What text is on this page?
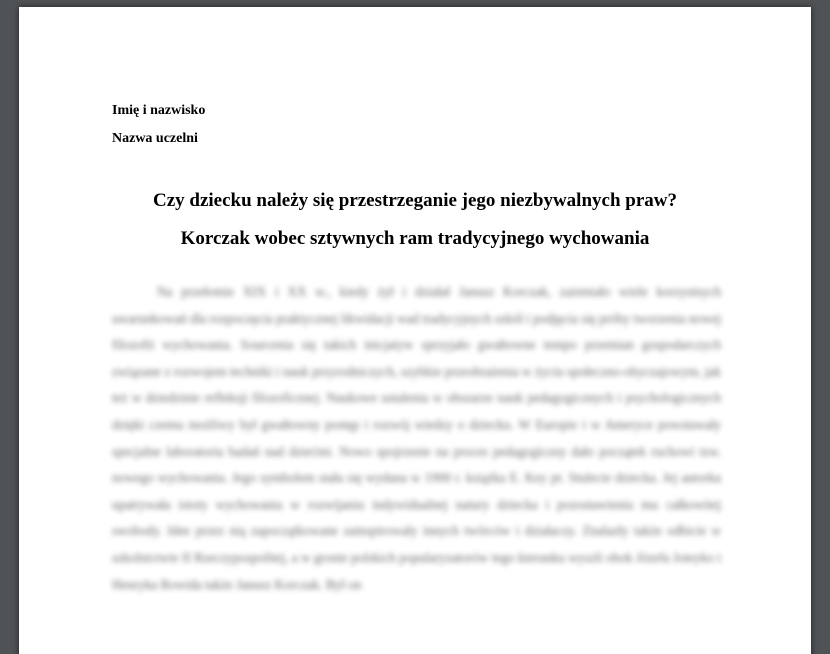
Imię i nazwisko

Nazwa uczelni

Czy dziecku należy się przestrzeganie jego niezbywalnych praw?
Korczak wobec sztywnych ram tradycyjnego wychowania

Na przełomie XIX i XX w., kiedy żył i działał Janusz Korczak, zaistniało wiele korzystnych uwarunkowań dla rozpoczęcia praktycznej likwidacji wad tradycyjnych szkół i podjęcia się próby tworzenia nowej filozofii wychowania. Sourcenia się takich inicjatyw sprzyjało gwałtowne tempo przemian gospodarczych związane z rozwojem techniki i nauk przyrodniczych, szybkie przeobrażenia w życiu społeczno-obyczajowym, jak też w dziedzinie refleksji filozoficznej. Naukowe ustalenia w obszarze nauk pedagogicznych i psychologicznych dzięki czemu możliwy był gwałtowny postęp i rozwój wiedzy o dziecku. W Europie i w Ameryce powstawały specjalne laboratoria badań nad dziećmi. Nowo spojrzenie na proces pedagogiczny dało początek ruchowi tzw. nowego wychowania. Jego symbolem stała się wydana w 1900 r. książka E. Key pt. Stulecie dziecka. Jej autorka upatrywała istoty wychowania w rozwijaniu indywidualnej natury dziecka i pozostawieniu mu całkowitej swobody. Idee przez nią zapoczątkowane zainspirowały innych twórców i działaczy. Znalazły także odbicie w szkolnictwie II Rzeczypospolitej, a w gronie polskich popularyzatorów tego kierunku wyszli obok Józefa Joteyko i Henryka Rowida także Janusz Korczak. Był on
